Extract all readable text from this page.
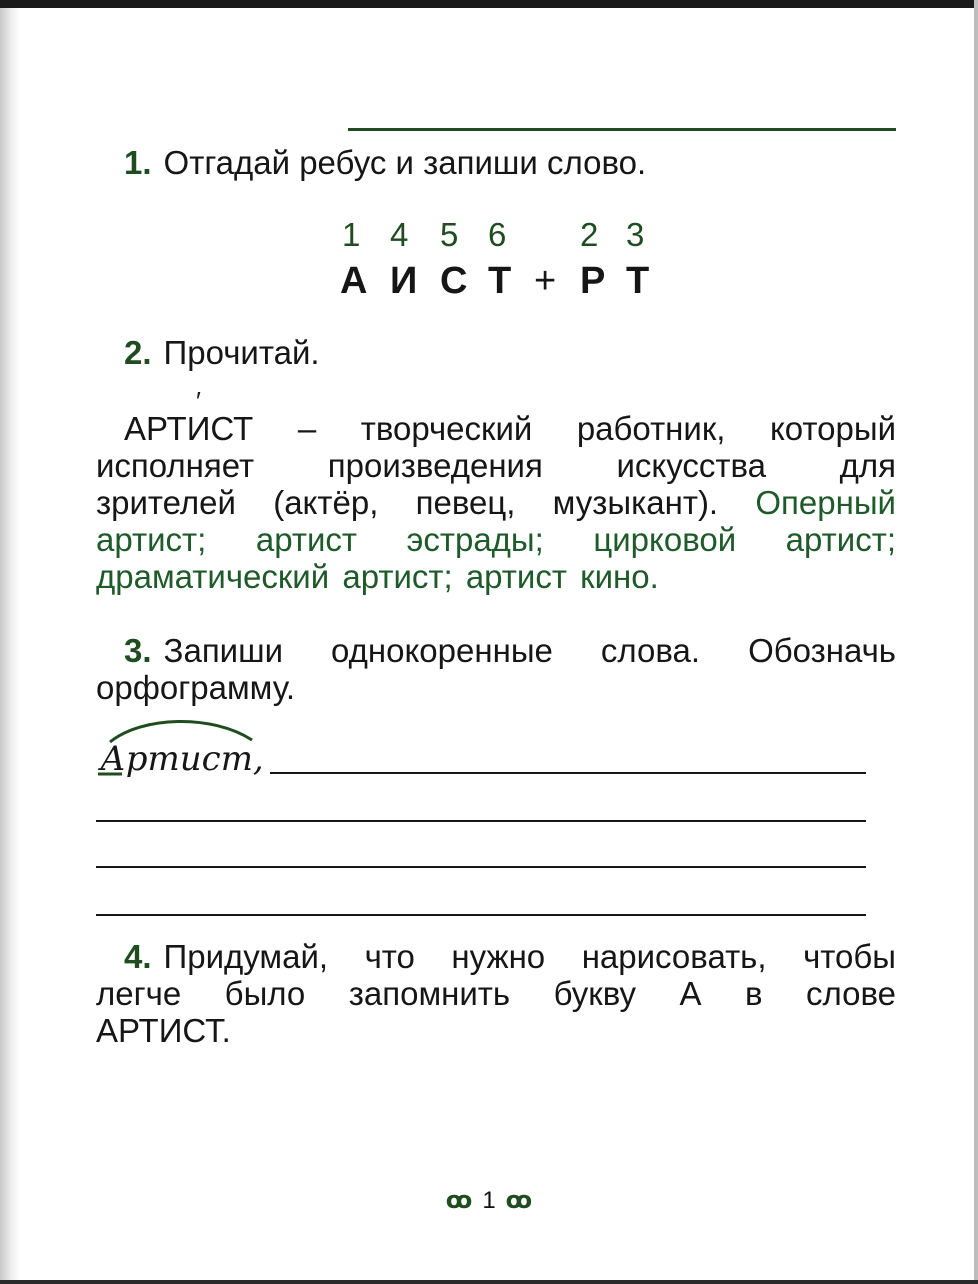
1. Отгадай ребус и запиши слово.
1 4 5 6 2 3
А И С Т + Р Т
2. Прочитай.
′
АРТИСТ – творческий работник, который
исполняет произведения искусства для
зрителей (актёр, певец, музыкант). Оперный
артист; артист эстрады; цирковой артист;
драматический артист; артист кино.
3. Запиши однокоренные слова. Обозначь
орфограмму.
Артист,
4. Придумай, что нужно нарисовать, чтобы
легче было запомнить букву А в слове
АРТИСТ.
ꝏ 1 ꝏ
